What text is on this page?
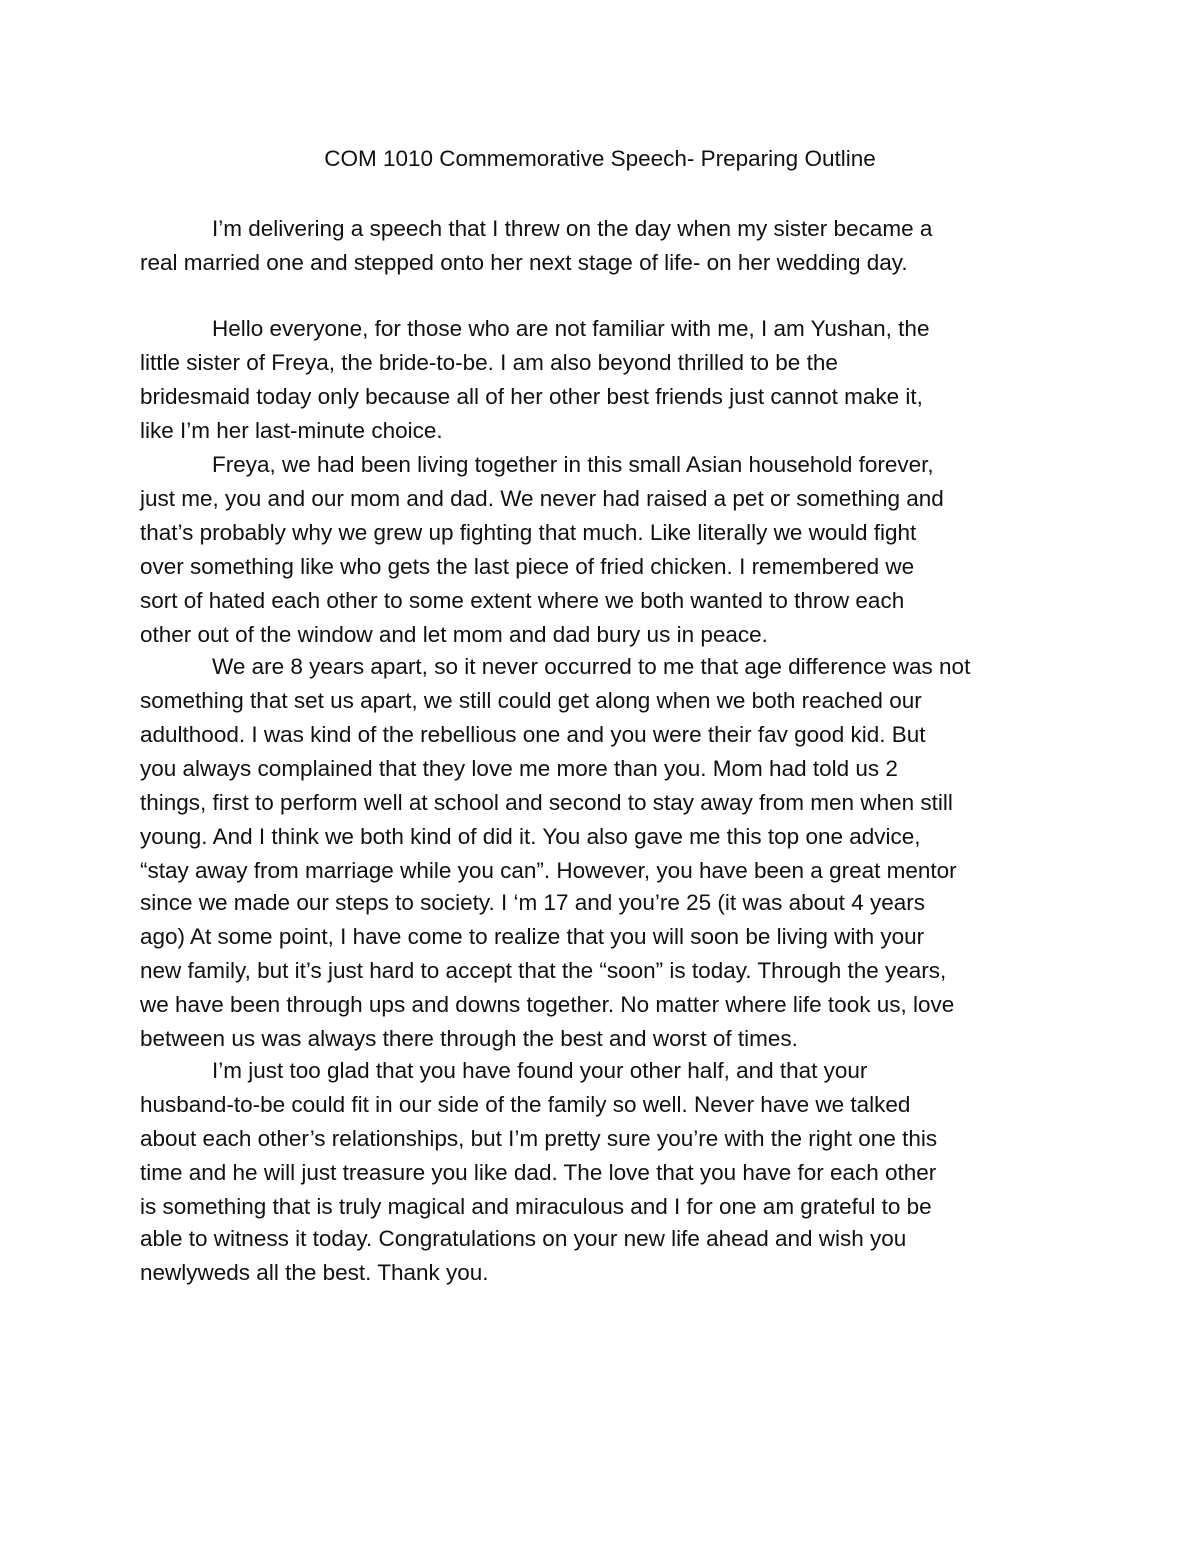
COM 1010 Commemorative Speech- Preparing Outline
I’m delivering a speech that I threw on the day when my sister became a
real married one and stepped onto her next stage of life- on her wedding day.
Hello everyone, for those who are not familiar with me, I am Yushan, the
little sister of Freya, the bride-to-be. I am also beyond thrilled to be the
bridesmaid today only because all of her other best friends just cannot make it,
like I’m her last-minute choice.
Freya, we had been living together in this small Asian household forever,
just me, you and our mom and dad. We never had raised a pet or something and
that’s probably why we grew up fighting that much. Like literally we would fight
over something like who gets the last piece of fried chicken. I remembered we
sort of hated each other to some extent where we both wanted to throw each
other out of the window and let mom and dad bury us in peace.
We are 8 years apart, so it never occurred to me that age difference was not
something that set us apart, we still could get along when we both reached our
adulthood. I was kind of the rebellious one and you were their fav good kid. But
you always complained that they love me more than you. Mom had told us 2
things, first to perform well at school and second to stay away from men when still
young. And I think we both kind of did it. You also gave me this top one advice,
“stay away from marriage while you can”. However, you have been a great mentor
since we made our steps to society. I ‘m 17 and you’re 25 (it was about 4 years
ago) At some point, I have come to realize that you will soon be living with your
new family, but it’s just hard to accept that the “soon” is today. Through the years,
we have been through ups and downs together. No matter where life took us, love
between us was always there through the best and worst of times.
I’m just too glad that you have found your other half, and that your
husband-to-be could fit in our side of the family so well. Never have we talked
about each other’s relationships, but I’m pretty sure you’re with the right one this
time and he will just treasure you like dad. The love that you have for each other
is something that is truly magical and miraculous and I for one am grateful to be
able to witness it today. Congratulations on your new life ahead and wish you
newlyweds all the best. Thank you.
